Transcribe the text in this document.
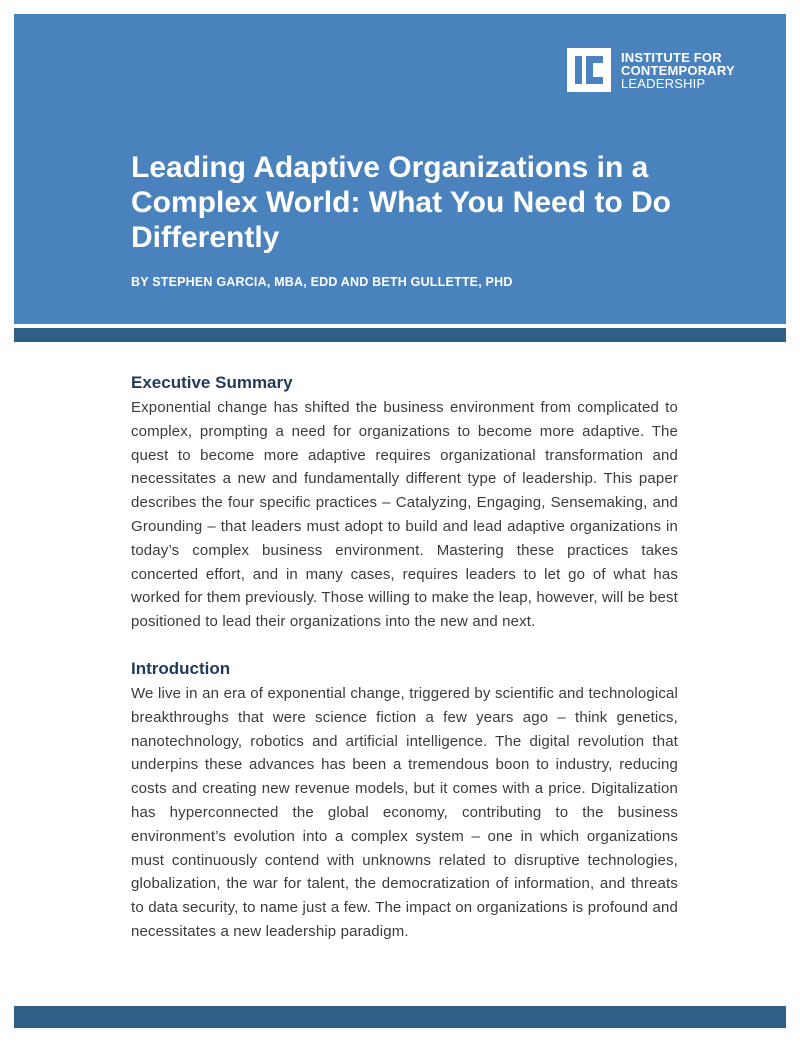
INSTITUTE FOR
CONTEMPORARY
LEADERSHIP
Leading Adaptive Organizations in a Complex World: What You Need to Do Differently

BY STEPHEN GARCIA, MBA, EDD AND BETH GULLETTE, PHD

Executive Summary

Exponential change has shifted the business environment from complicated to complex, prompting a need for organizations to become more adaptive. The quest to become more adaptive requires organizational transformation and necessitates a new and fundamentally different type of leadership. This paper describes the four specific practices – Catalyzing, Engaging, Sensemaking, and Grounding – that leaders must adopt to build and lead adaptive organizations in today’s complex business environment. Mastering these practices takes concerted effort, and in many cases, requires leaders to let go of what has worked for them previously. Those willing to make the leap, however, will be best positioned to lead their organizations into the new and next.

Introduction

We live in an era of exponential change, triggered by scientific and technological breakthroughs that were science fiction a few years ago – think genetics, nanotechnology, robotics and artificial intelligence. The digital revolution that underpins these advances has been a tremendous boon to industry, reducing costs and creating new revenue models, but it comes with a price. Digitalization has hyperconnected the global economy, contributing to the business environment’s evolution into a complex system – one in which organizations must continuously contend with unknowns related to disruptive technologies, globalization, the war for talent, the democratization of information, and threats to data security, to name just a few. The impact on organizations is profound and necessitates a new leadership paradigm.
